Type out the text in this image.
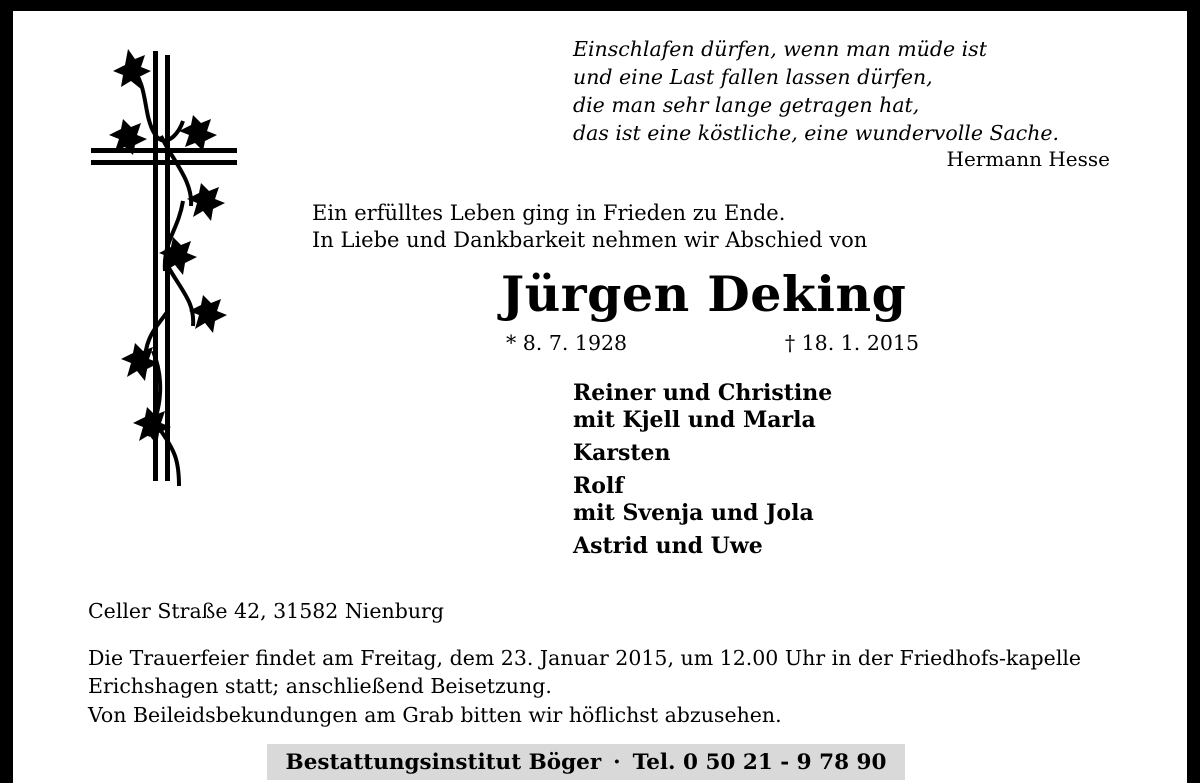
Einschlafen dürfen, wenn man müde ist
und eine Last fallen lassen dürfen,
die man sehr lange getragen hat,
das ist eine köstliche, eine wundervolle Sache.
Hermann Hesse
Ein erfülltes Leben ging in Frieden zu Ende.
In Liebe und Dankbarkeit nehmen wir Abschied von
Jürgen Deking
* 8. 7. 1928	† 18. 1. 2015
Reiner und Christine
mit Kjell und Marla
Karsten
Rolf
mit Svenja und Jola
Astrid und Uwe
Celler Straße 42, 31582 Nienburg
Die Trauerfeier findet am Freitag, dem 23. Januar 2015, um 12.00 Uhr in der Friedhofs-kapelle Erichshagen statt; anschließend Beisetzung.
Von Beileidsbekundungen am Grab bitten wir höflichst abzusehen.
Bestattungsinstitut Böger · Tel. 0 50 21 - 9 78 90
